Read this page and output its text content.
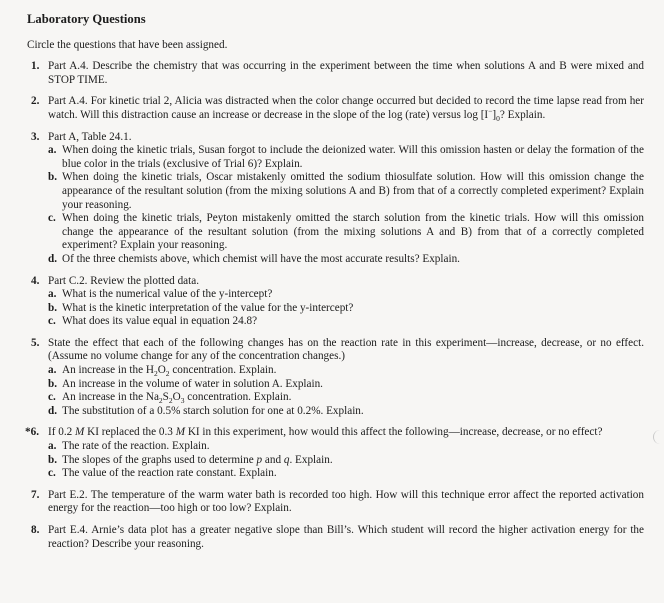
Laboratory Questions
Circle the questions that have been assigned.
1. Part A.4. Describe the chemistry that was occurring in the experiment between the time when solutions A and B were mixed and STOP TIME.
2. Part A.4. For kinetic trial 2, Alicia was distracted when the color change occurred but decided to record the time lapse read from her watch. Will this distraction cause an increase or decrease in the slope of the log (rate) versus $\log [I^-]_0$? Explain.
3. Part A, Table 24.1.
a. When doing the kinetic trials, Susan forgot to include the deionized water. Will this omission hasten or delay the formation of the blue color in the trials (exclusive of Trial 6)? Explain.
b. When doing the kinetic trials, Oscar mistakenly omitted the sodium thiosulfate solution. How will this omission change the appearance of the resultant solution (from the mixing solutions A and B) from that of a correctly completed experiment? Explain your reasoning.
c. When doing the kinetic trials, Peyton mistakenly omitted the starch solution from the kinetic trials. How will this omission change the appearance of the resultant solution (from the mixing solutions A and B) from that of a correctly completed experiment? Explain your reasoning.
d. Of the three chemists above, which chemist will have the most accurate results? Explain.
4. Part C.2. Review the plotted data.
a. What is the numerical value of the y-intercept?
b. What is the kinetic interpretation of the value for the y-intercept?
c. What does its value equal in equation 24.8?
5. State the effect that each of the following changes has on the reaction rate in this experiment—increase, decrease, or no effect. (Assume no volume change for any of the concentration changes.)
a. An increase in the $H_2O_2$ concentration. Explain.
b. An increase in the volume of water in solution A. Explain.
c. An increase in the $Na_2S_2O_3$ concentration. Explain.
d. The substitution of a 0.5% starch solution for one at 0.2%. Explain.
*6. If 0.2 M KI replaced the 0.3 M KI in this experiment, how would this affect the following—increase, decrease, or no effect?
a. The rate of the reaction. Explain.
b. The slopes of the graphs used to determine p and q. Explain.
c. The value of the reaction rate constant. Explain.
7. Part E.2. The temperature of the warm water bath is recorded too high. How will this technique error affect the reported activation energy for the reaction—too high or too low? Explain.
8. Part E.4. Arnie’s data plot has a greater negative slope than Bill’s. Which student will record the higher activation energy for the reaction? Describe your reasoning.
